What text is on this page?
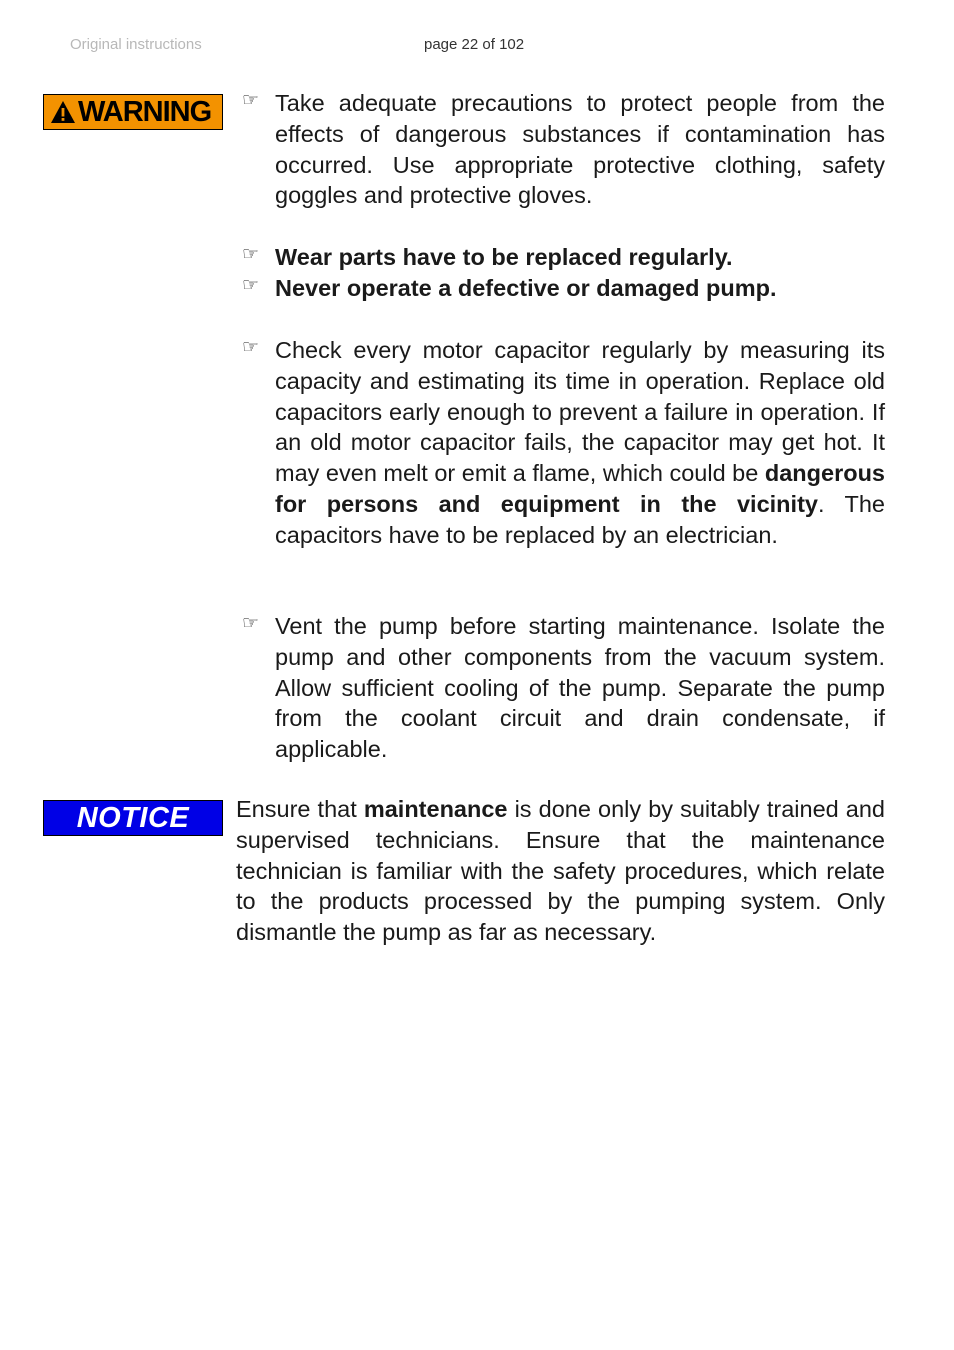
Original instructions	page 22 of 102
WARNING ☞ Take adequate precautions to protect people from the effects of dangerous substances if contamination has occurred. Use appropriate protective clothing, safety goggles and protective gloves.
☞ Wear parts have to be replaced regularly.
☞ Never operate a defective or damaged pump.
☞ Check every motor capacitor regularly by measuring its capacity and estimating its time in operation. Replace old capacitors early enough to prevent a failure in operation. If an old motor capacitor fails, the capacitor may get hot. It may even melt or emit a flame, which could be dangerous for persons and equipment in the vicinity. The capacitors have to be replaced by an electrician.
☞ Vent the pump before starting maintenance. Isolate the pump and other components from the vacuum system. Allow sufficient cooling of the pump. Separate the pump from the coolant circuit and drain condensate, if applicable.
NOTICE	Ensure that maintenance is done only by suitably trained and supervised technicians. Ensure that the maintenance technician is familiar with the safety procedures, which relate to the products processed by the pumping system. Only dismantle the pump as far as necessary.
